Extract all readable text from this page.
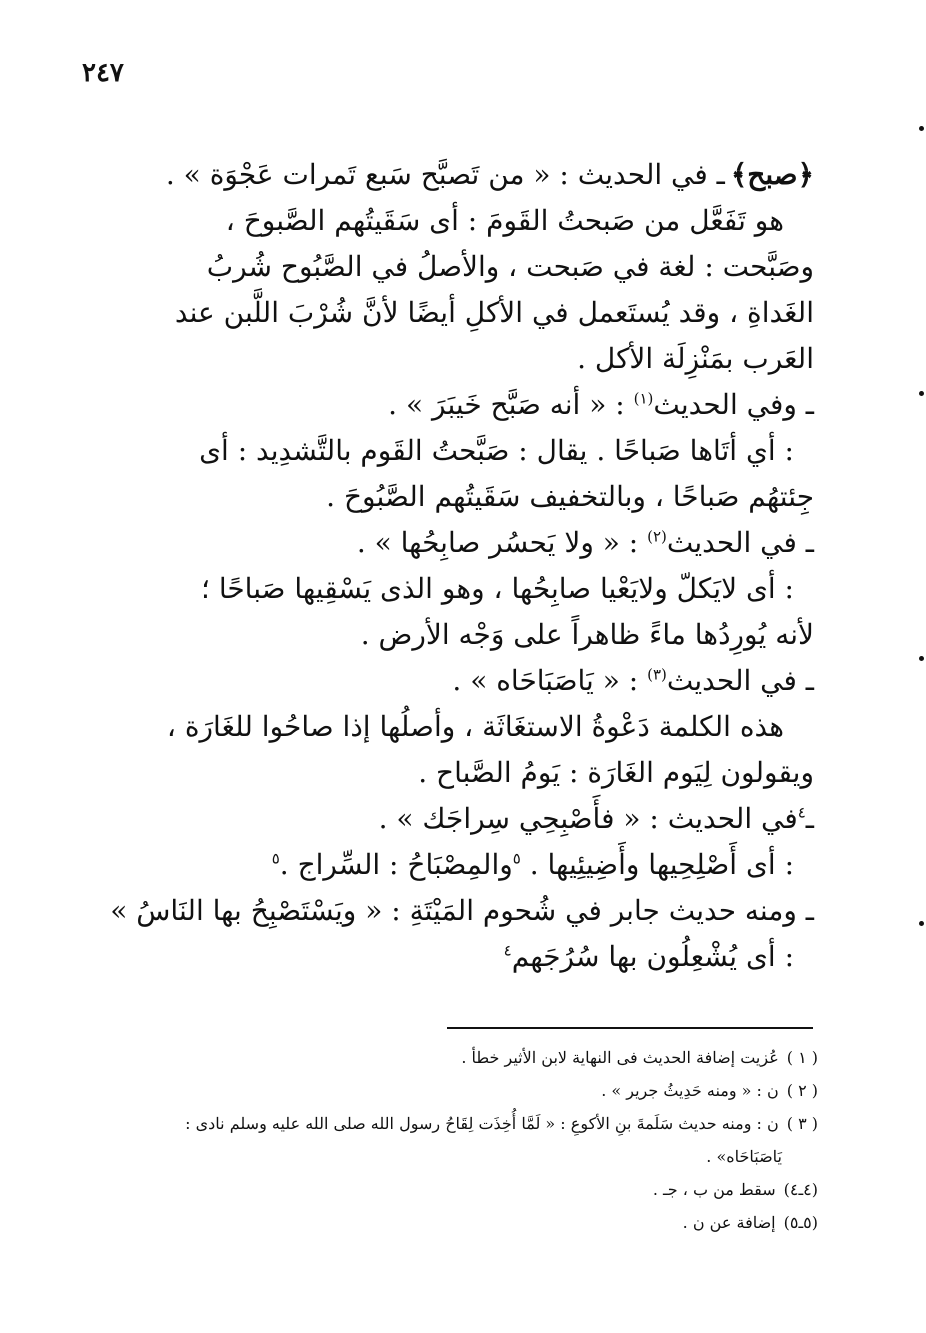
٢٤٧

﴿صبح﴾ـ في الحديث : « من تَصبَّح سَبع تَمرات عَجْوَة » .

هو تَفَعَّل من صَبحتُ القَومَ : أى سَقَيتُهم الصَّبوحَ ،

وصَبَّحت : لغة في صَبحت ، والأصلُ في الصَّبُوح شُربُ

الغَداةِ ، وقد يُستَعمل في الأكلِ أيضًا لأنَّ شُرْبَ اللَّبن عند

العَرب بمَنْزِلَة الأكل .

ـ وفي الحديث$^{(١)}$ : « أنه صَبَّح خَيبَرَ » .

: أي أتَاها صَباحًا . يقال : صَبَّحتُ القَوم بالتَّشدِيد : أى

جِئتهُم صَباحًا ، وبالتخفيف سَقَيتُهم الصَّبُوحَ .

ـ في الحديث$^{(٢)}$ : « ولا يَحسُر صابِحُها » .

: أى لايَكلّ ولايَعْيا صابِحُها ، وهو الذى يَسْقِيها صَباحًا ؛

لأنه يُورِدُها ماءً ظاهراً على وَجْه الأرض .

ـ في الحديث$^{(٣)}$ : « يَاصَبَاحَاه » .

هذه الكلمة دَعْوةُ الاستغَاثَة ، وأصلُها إذا صاحُوا للغَارَة ،

ويقولون لِيَوم الغَارَة : يَومُ الصَّباح .

ـ$^٤$في الحديث : « فأَصْبِحِي سِراجَك » .

: أى أَصْلِحِيها وأَضِيئِيها . $^٥$والمِصْبَاحُ : السِّراج .$^٥$

ـ ومنه حديث جابر في شُحوم المَيْتَةِ : « ويَسْتَصْبِحُ بها النَاسُ »

: أى يُشْعِلُون بها سُرُجَهم$^٤$

( ١ )عُزيت إضافة الحديث فى النهاية لابن الأثير خطأ .

( ٢ )ن : « ومنه حَدِيثُ جرير » .

( ٣ )ن : ومنه حديث سَلَمةَ بنِ الأكوعِ : « لَمَّا أُخِذَت لِقَاحُ رسول الله صلى الله عليه وسلم نادى :

يَاصَبَاحَاه» .

(٤ـ٤)سقط من ب ، جـ .

(٥ـ٥)إضافة عن ن .
